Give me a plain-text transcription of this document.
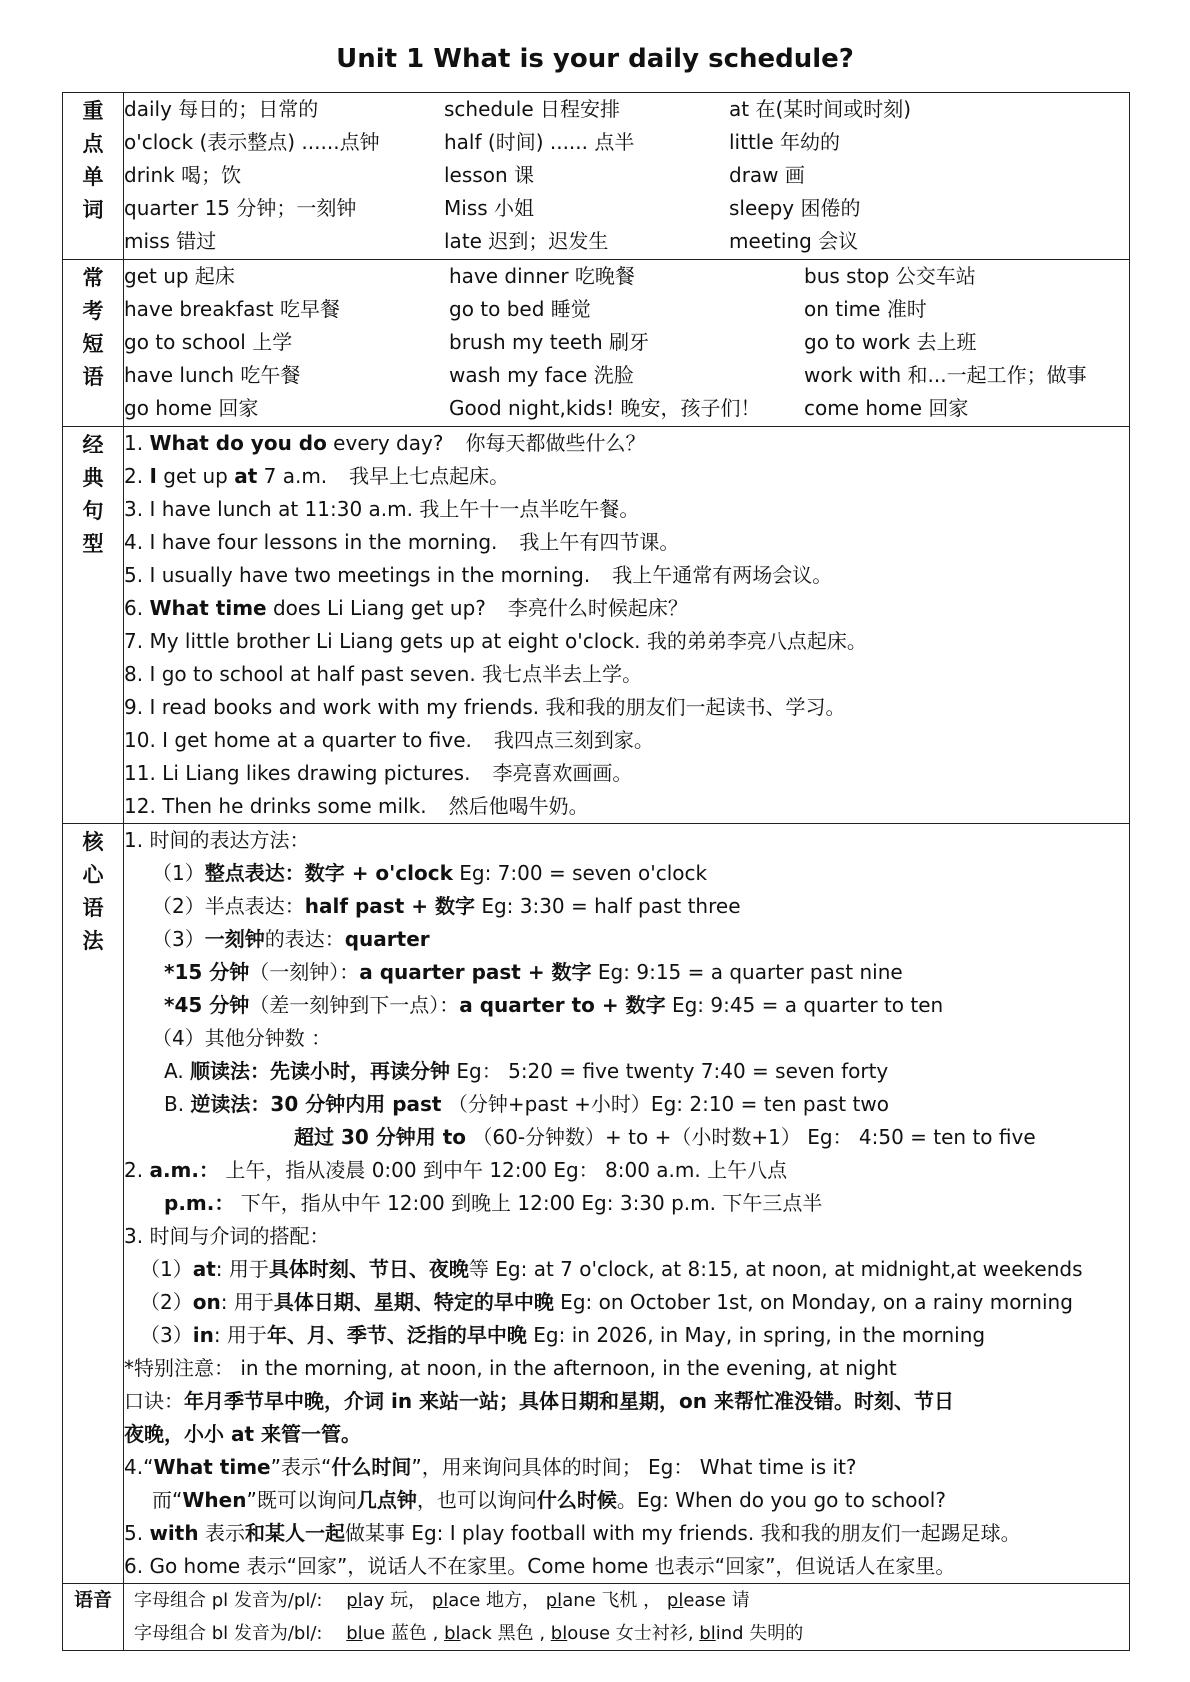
Unit 1 What is your daily schedule?
重
点
单
词

daily 每日的；日常的	schedule 日程安排	at 在(某时间或时刻)
o'clock (表示整点) ......点钟	half (时间) ...... 点半	little 年幼的
drink 喝；饮	lesson 课	draw 画
quarter 15 分钟；一刻钟	Miss 小姐	sleepy 困倦的
miss 错过	late 迟到；迟发生	meeting 会议

常
考
短
语

get up 起床	have dinner 吃晚餐	bus stop 公交车站
have breakfast 吃早餐	go to bed 睡觉	on time 准时
go to school 上学	brush my teeth 刷牙	go to work 去上班
have lunch 吃午餐	wash my face 洗脸	work with 和...一起工作；做事
go home 回家	Good night,kids! 晚安，孩子们！	come home 回家

经
典
句
型

1. What do you do every day? 你每天都做些什么？
2. I get up at 7 a.m. 我早上七点起床。
3. I have lunch at 11:30 a.m. 我上午十一点半吃午餐。
4. I have four lessons in the morning. 我上午有四节课。
5. I usually have two meetings in the morning. 我上午通常有两场会议。
6. What time does Li Liang get up? 李亮什么时候起床？
7. My little brother Li Liang gets up at eight o'clock. 我的弟弟李亮八点起床。
8. I go to school at half past seven. 我七点半去上学。
9. I read books and work with my friends. 我和我的朋友们一起读书、学习。
10. I get home at a quarter to five. 我四点三刻到家。
11. Li Liang likes drawing pictures. 李亮喜欢画画。
12. Then he drinks some milk. 然后他喝牛奶。

核
心
语
法

1. 时间的表达方法：
（1）整点表达：数字 + o'clock Eg: 7:00 = seven o'clock
（2）半点表达：half past + 数字 Eg: 3:30 = half past three
（3）一刻钟的表达：quarter
*15 分钟（一刻钟）：a quarter past + 数字 Eg: 9:15 = a quarter past nine
*45 分钟（差一刻钟到下一点）：a quarter to + 数字 Eg: 9:45 = a quarter to ten
（4）其他分钟数 ：
A. 顺读法：先读小时，再读分钟 Eg： 5:20 = five twenty 7:40 = seven forty
B. 逆读法：30 分钟内用 past （分钟+past +小时）Eg: 2:10 = ten past two
超过 30 分钟用 to （60-分钟数）+ to +（小时数+1） Eg： 4:50 = ten to five
2. a.m.： 上午，指从凌晨 0:00 到中午 12:00 Eg： 8:00 a.m. 上午八点
p.m.： 下午，指从中午 12:00 到晚上 12:00 Eg: 3:30 p.m. 下午三点半
3. 时间与介词的搭配：
（1）at: 用于具体时刻、节日、夜晚等 Eg: at 7 o'clock, at 8:15, at noon, at midnight,at weekends
（2）on: 用于具体日期、星期、特定的早中晚 Eg: on October 1st, on Monday, on a rainy morning
（3）in: 用于年、月、季节、泛指的早中晚 Eg: in 2026, in May, in spring, in the morning
*特别注意： in the morning, at noon, in the afternoon, in the evening, at night
口诀：年月季节早中晚，介词 in 来站一站；具体日期和星期，on 来帮忙准没错。时刻、节日
夜晚，小小 at 来管一管。
4.“What time”表示“什么时间”，用来询问具体的时间； Eg： What time is it?
而“When”既可以询问几点钟，也可以询问什么时候。Eg: When do you go to school?
5. with 表示和某人一起做某事 Eg: I play football with my friends. 我和我的朋友们一起踢足球。
6. Go home 表示“回家”，说话人不在家里。Come home 也表示“回家”，但说话人在家里。

语音	字母组合 pl 发音为/pl/: play 玩， place 地方， plane 飞机 ， please 请
字母组合 bl 发音为/bl/: blue 蓝色 , black 黑色 , blouse 女士衬衫, blind 失明的
